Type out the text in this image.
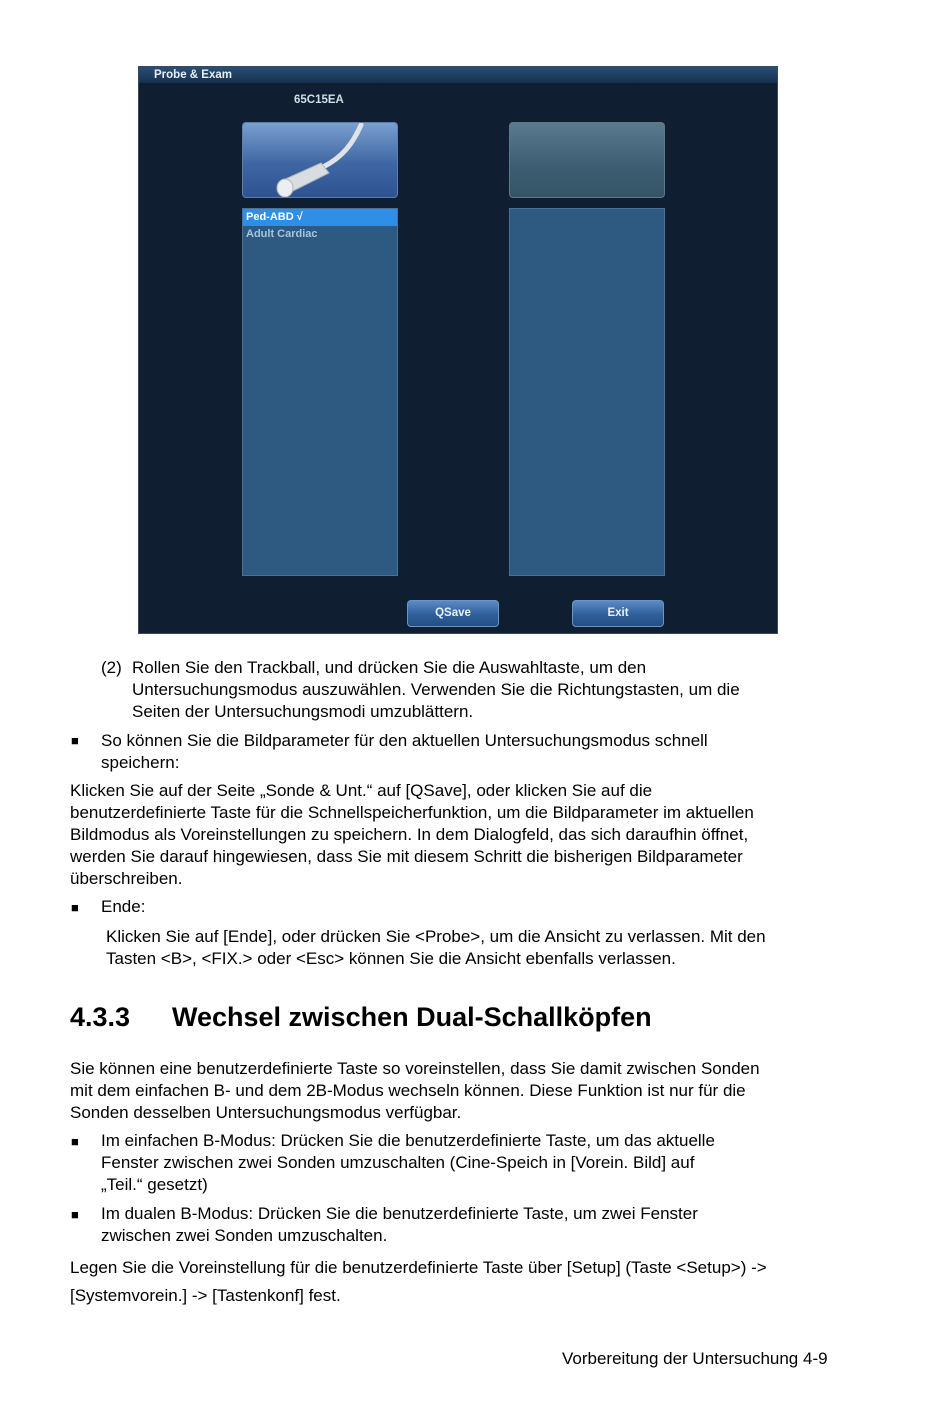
Probe & Exam
65C15EA
Ped-ABD √
Adult Cardiac
QSave	Exit
(2) Rollen Sie den Trackball, und drücken Sie die Auswahltaste, um den
Untersuchungsmodus auszuwählen. Verwenden Sie die Richtungstasten, um die
Seiten der Untersuchungsmodi umzublättern.
■ So können Sie die Bildparameter für den aktuellen Untersuchungsmodus schnell
speichern:
Klicken Sie auf der Seite „Sonde & Unt.“ auf [QSave], oder klicken Sie auf die
benutzerdefinierte Taste für die Schnellspeicherfunktion, um die Bildparameter im aktuellen
Bildmodus als Voreinstellungen zu speichern. In dem Dialogfeld, das sich daraufhin öffnet,
werden Sie darauf hingewiesen, dass Sie mit diesem Schritt die bisherigen Bildparameter
überschreiben.
■ Ende:
Klicken Sie auf [Ende], oder drücken Sie <Probe>, um die Ansicht zu verlassen. Mit den
Tasten <B>, <FIX.> oder <Esc> können Sie die Ansicht ebenfalls verlassen.
4.3.3 Wechsel zwischen Dual-Schallköpfen
Sie können eine benutzerdefinierte Taste so voreinstellen, dass Sie damit zwischen Sonden
mit dem einfachen B- und dem 2B-Modus wechseln können. Diese Funktion ist nur für die
Sonden desselben Untersuchungsmodus verfügbar.
■ Im einfachen B-Modus: Drücken Sie die benutzerdefinierte Taste, um das aktuelle
Fenster zwischen zwei Sonden umzuschalten (Cine-Speich in [Vorein. Bild] auf
„Teil.“ gesetzt)
■ Im dualen B-Modus: Drücken Sie die benutzerdefinierte Taste, um zwei Fenster
zwischen zwei Sonden umzuschalten.
Legen Sie die Voreinstellung für die benutzerdefinierte Taste über [Setup] (Taste <Setup>) ->
[Systemvorein.] -> [Tastenkonf] fest.
Vorbereitung der Untersuchung 4-9
